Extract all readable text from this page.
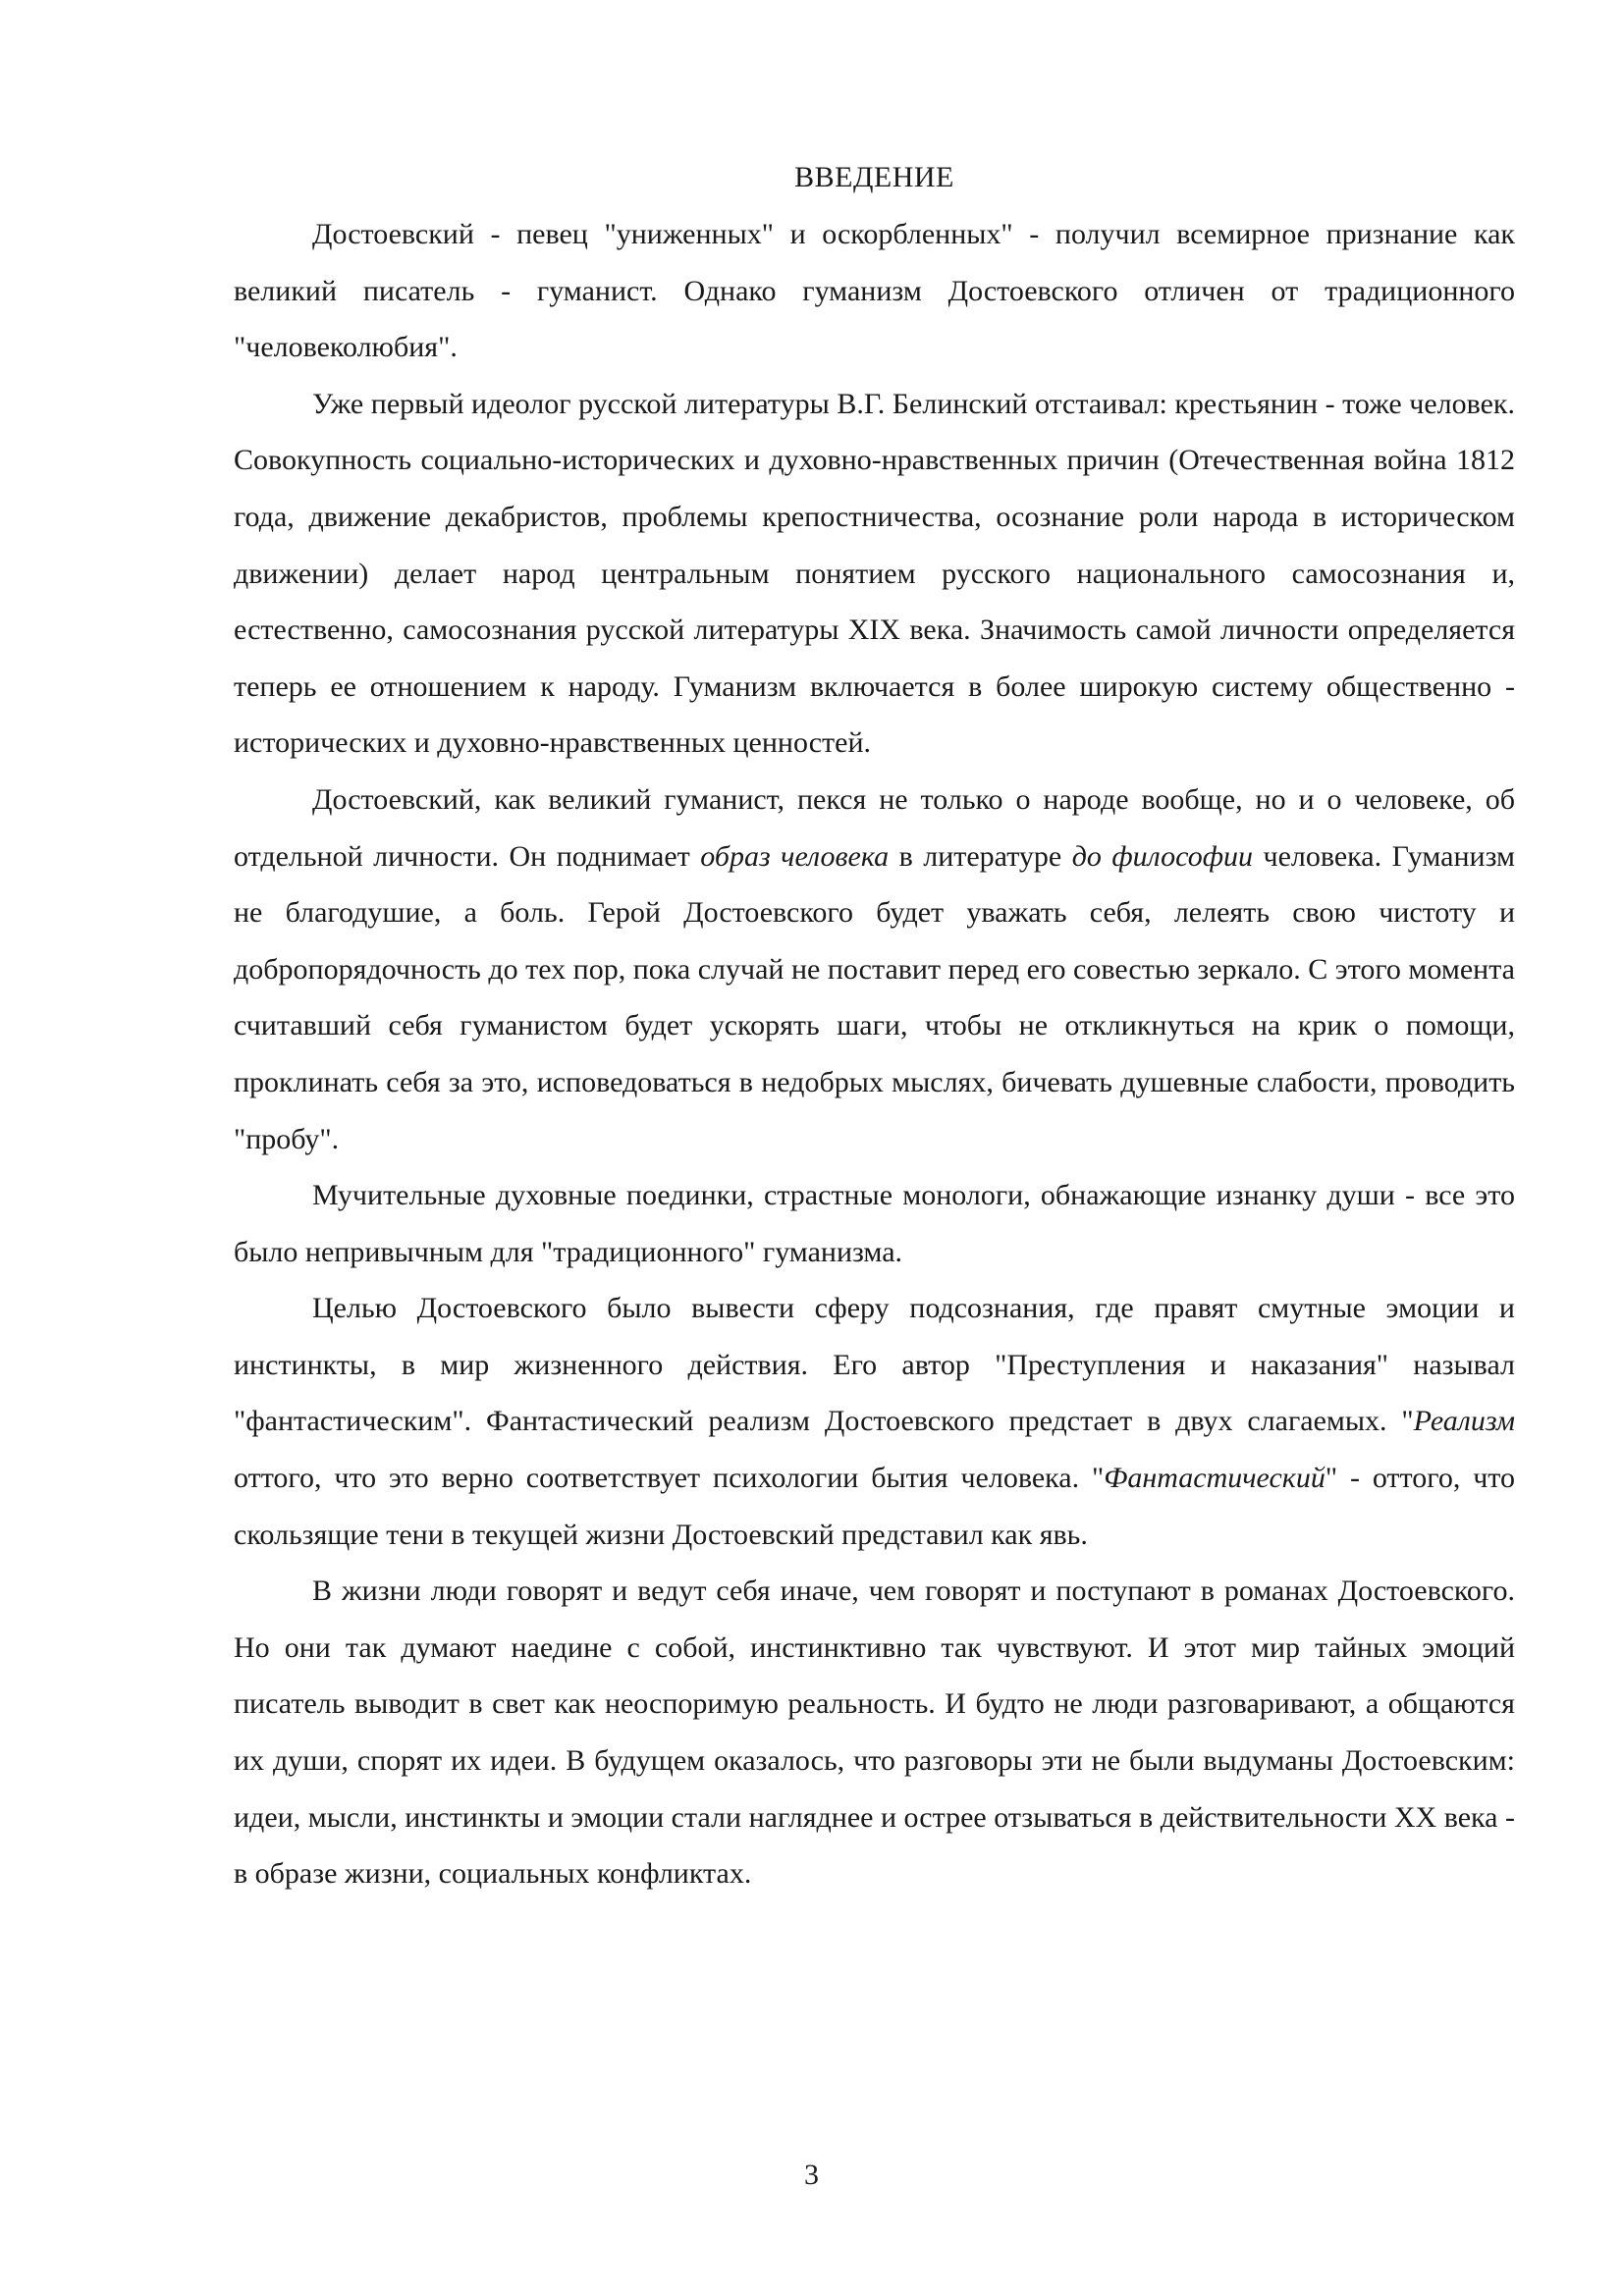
ВВЕДЕНИЕ

Достоевский - певец "униженных" и оскорбленных" - получил всемирное признание как великий писатель - гуманист. Однако гуманизм Достоевского отличен от традиционного "человеколюбия".

Уже первый идеолог русской литературы В.Г. Белинский отстаивал: крестьянин - тоже человек. Совокупность социально-исторических и духовно-нравственных причин (Отечественная война 1812 года, движение декабристов, проблемы крепостничества, осознание роли народа в историческом движении) делает народ центральным понятием русского национального самосознания и, естественно, самосознания русской литературы XIX века. Значимость самой личности определяется теперь ее отношением к народу. Гуманизм включается в более широкую систему общественно - исторических и духовно-нравственных ценностей.

Достоевский, как великий гуманист, пекся не только о народе вообще, но и о человеке, об отдельной личности. Он поднимает образ человека в литературе до философии человека. Гуманизм не благодушие, а боль. Герой Достоевского будет уважать себя, лелеять свою чистоту и добропорядочность до тех пор, пока случай не поставит перед его совестью зеркало. С этого момента считавший себя гуманистом будет ускорять шаги, чтобы не откликнуться на крик о помощи, проклинать себя за это, исповедоваться в недобрых мыслях, бичевать душевные слабости, проводить "пробу".

Мучительные духовные поединки, страстные монологи, обнажающие изнанку души - все это было непривычным для "традиционного" гуманизма.

Целью Достоевского было вывести сферу подсознания, где правят смутные эмоции и инстинкты, в мир жизненного действия. Его автор "Преступления и наказания" называл "фантастическим". Фантастический реализм Достоевского предстает в двух слагаемых. "Реализм оттого, что это верно соответствует психологии бытия человека. "Фантастический" - оттого, что скользящие тени в текущей жизни Достоевский представил как явь.

В жизни люди говорят и ведут себя иначе, чем говорят и поступают в романах Достоевского. Но они так думают наедине с собой, инстинктивно так чувствуют. И этот мир тайных эмоций писатель выводит в свет как неоспоримую реальность. И будто не люди разговаривают, а общаются их души, спорят их идеи. В будущем оказалось, что разговоры эти не были выдуманы Достоевским: идеи, мысли, инстинкты и эмоции стали нагляднее и острее отзываться в действительности XX века - в образе жизни, социальных конфликтах.

3
